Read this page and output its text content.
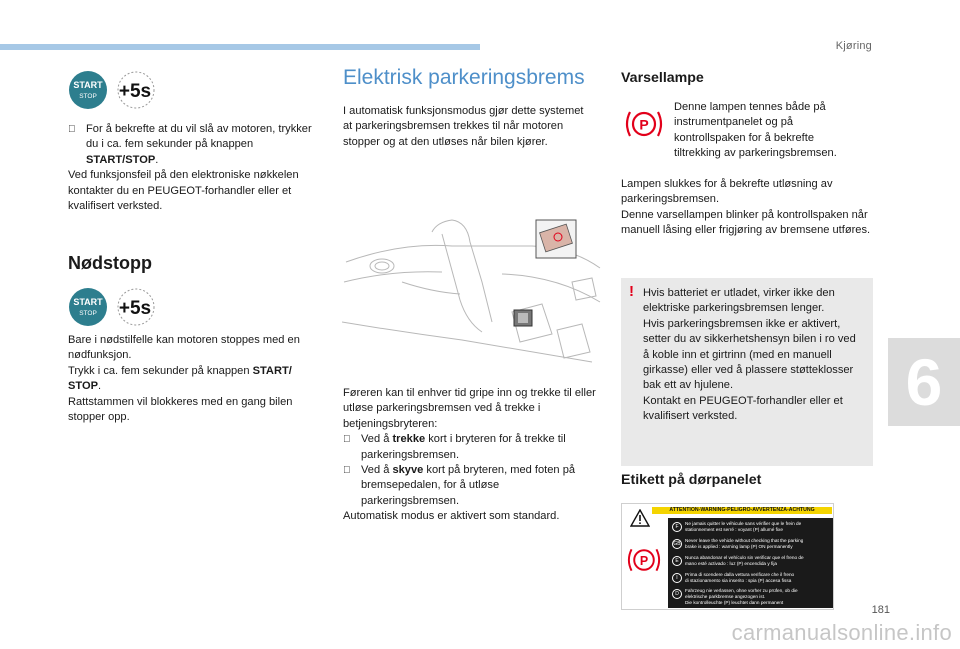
Kjøring
6
181
carmanualsonline.info
START
STOP +5s
For å bekrefte at du vil slå av motoren, trykker du i ca. fem sekunder på knappen START/STOP.

Ved funksjonsfeil på den elektroniske nøkkelen kontakter du en PEUGEOT-forhandler eller et kvalifisert verksted.

Nødstopp
START
STOP +5s

Bare i nødstilfelle kan motoren stoppes med en nødfunksjon.

Trykk i ca. fem sekunder på knappen START/ STOP.

Rattstammen vil blokkeres med en gang bilen stopper opp.

Elektrisk parkeringsbrems

I automatisk funksjonsmodus gjør dette systemet at parkeringsbremsen trekkes til når motoren stopper og at den utløses når bilen kjører.

Føreren kan til enhver tid gripe inn og trekke til eller utløse parkeringsbremsen ved å trekke i betjeningsbryteren:

Ved å trekke kort i bryteren for å trekke til parkeringsbremsen.
Ved å skyve kort på bryteren, med foten på bremsepedalen, for å utløse parkeringsbremsen.

Automatisk modus er aktivert som standard.

Varsellampe
P

Denne lampen tennes både på instrumentpanelet og på kontrollspaken for å bekrefte tiltrekking av parkeringsbremsen.

Lampen slukkes for å bekrefte utløsning av parkeringsbremsen.

Denne varsellampen blinker på kontrollspaken når manuell låsing eller frigjøring av bremsene utføres.

! Hvis batteriet er utladet, virker ikke den elektriske parkeringsbremsen lenger.

Hvis parkeringsbremsen ikke er aktivert, setter du av sikkerhetshensyn bilen i ro ved å koble inn et girtrinn (med en manuell girkasse) eller ved å plassere støtteklosser bak ett av hjulene.

Kontakt en PEUGEOT-forhandler eller et kvalifisert verksted.

Etikett på dørpanelet
ATTENTION-WARNING-PELIGRO-AVVERTENZA-ACHTUNG
P
F
Ne jamais quitter le véhicule sans vérifier que le frein de
stationnement est serré : voyant (P) allumé fixe
GB
Never leave the vehicle without checking that the parking
brake is applied : warning lamp (P) ON permanently
E
Nunca abandonar el vehículo sin verificar que el freno de
mano esté activado : luz (P) encendida y fija
I
Prima di scendere dalla vettura verificare che il freno
di stazionamento sia inserito : spia (P) accesa fissa
D
Fahrzeug nie verlassen, ohne vorher zu prüfen, ob die
elektrische parkbremse angezogen ist.
Die kontrolleuchte (P) leuchtet dann permanent
